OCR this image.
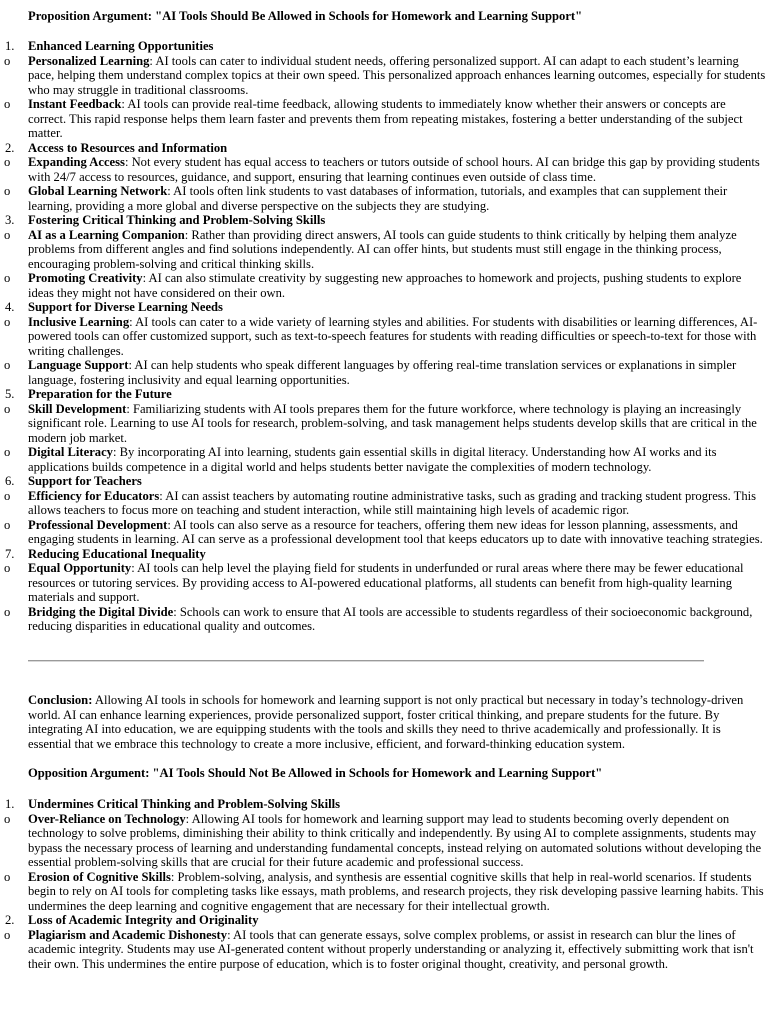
Proposition Argument: "AI Tools Should Be Allowed in Schools for Homework and Learning Support"
1. Enhanced Learning Opportunities
o Personalized Learning: AI tools can cater to individual student needs, offering personalized support. AI can adapt to each student’s learning pace, helping them understand complex topics at their own speed. This personalized approach enhances learning outcomes, especially for students who may struggle in traditional classrooms.
o Instant Feedback: AI tools can provide real-time feedback, allowing students to immediately know whether their answers or concepts are correct. This rapid response helps them learn faster and prevents them from repeating mistakes, fostering a better understanding of the subject matter.
2. Access to Resources and Information
o Expanding Access: Not every student has equal access to teachers or tutors outside of school hours. AI can bridge this gap by providing students with 24/7 access to resources, guidance, and support, ensuring that learning continues even outside of class time.
o Global Learning Network: AI tools often link students to vast databases of information, tutorials, and examples that can supplement their learning, providing a more global and diverse perspective on the subjects they are studying.
3. Fostering Critical Thinking and Problem-Solving Skills
o AI as a Learning Companion: Rather than providing direct answers, AI tools can guide students to think critically by helping them analyze problems from different angles and find solutions independently. AI can offer hints, but students must still engage in the thinking process, encouraging problem-solving and critical thinking skills.
o Promoting Creativity: AI can also stimulate creativity by suggesting new approaches to homework and projects, pushing students to explore ideas they might not have considered on their own.
4. Support for Diverse Learning Needs
o Inclusive Learning: AI tools can cater to a wide variety of learning styles and abilities. For students with disabilities or learning differences, AI-powered tools can offer customized support, such as text-to-speech features for students with reading difficulties or speech-to-text for those with writing challenges.
o Language Support: AI can help students who speak different languages by offering real-time translation services or explanations in simpler language, fostering inclusivity and equal learning opportunities.
5. Preparation for the Future
o Skill Development: Familiarizing students with AI tools prepares them for the future workforce, where technology is playing an increasingly significant role. Learning to use AI tools for research, problem-solving, and task management helps students develop skills that are critical in the modern job market.
o Digital Literacy: By incorporating AI into learning, students gain essential skills in digital literacy. Understanding how AI works and its applications builds competence in a digital world and helps students better navigate the complexities of modern technology.
6. Support for Teachers
o Efficiency for Educators: AI can assist teachers by automating routine administrative tasks, such as grading and tracking student progress. This allows teachers to focus more on teaching and student interaction, while still maintaining high levels of academic rigor.
o Professional Development: AI tools can also serve as a resource for teachers, offering them new ideas for lesson planning, assessments, and engaging students in learning. AI can serve as a professional development tool that keeps educators up to date with innovative teaching strategies.
7. Reducing Educational Inequality
o Equal Opportunity: AI tools can help level the playing field for students in underfunded or rural areas where there may be fewer educational resources or tutoring services. By providing access to AI-powered educational platforms, all students can benefit from high-quality learning materials and support.
o Bridging the Digital Divide: Schools can work to ensure that AI tools are accessible to students regardless of their socioeconomic background, reducing disparities in educational quality and outcomes.
Conclusion: Allowing AI tools in schools for homework and learning support is not only practical but necessary in today’s technology-driven world. AI can enhance learning experiences, provide personalized support, foster critical thinking, and prepare students for the future. By integrating AI into education, we are equipping students with the tools and skills they need to thrive academically and professionally. It is essential that we embrace this technology to create a more inclusive, efficient, and forward-thinking education system.
Opposition Argument: "AI Tools Should Not Be Allowed in Schools for Homework and Learning Support"
1. Undermines Critical Thinking and Problem-Solving Skills
o Over-Reliance on Technology: Allowing AI tools for homework and learning support may lead to students becoming overly dependent on technology to solve problems, diminishing their ability to think critically and independently. By using AI to complete assignments, students may bypass the necessary process of learning and understanding fundamental concepts, instead relying on automated solutions without developing the essential problem-solving skills that are crucial for their future academic and professional success.
o Erosion of Cognitive Skills: Problem-solving, analysis, and synthesis are essential cognitive skills that help in real-world scenarios. If students begin to rely on AI tools for completing tasks like essays, math problems, and research projects, they risk developing passive learning habits. This undermines the deep learning and cognitive engagement that are necessary for their intellectual growth.
2. Loss of Academic Integrity and Originality
o Plagiarism and Academic Dishonesty: AI tools that can generate essays, solve complex problems, or assist in research can blur the lines of academic integrity. Students may use AI-generated content without properly understanding or analyzing it, effectively submitting work that isn't their own. This undermines the entire purpose of education, which is to foster original thought, creativity, and personal growth.
